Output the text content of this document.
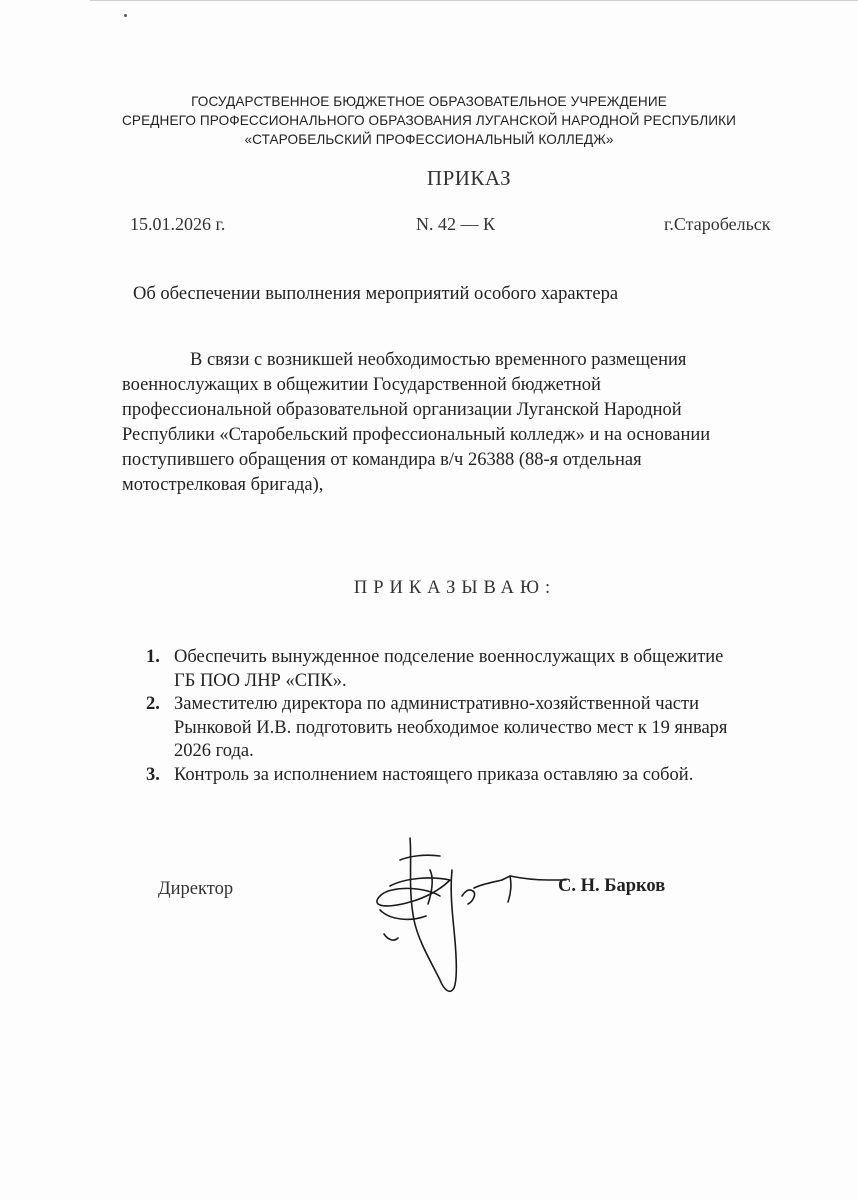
ГОСУДАРСТВЕННОЕ БЮДЖЕТНОЕ ОБРАЗОВАТЕЛЬНОЕ УЧРЕЖДЕНИЕ
СРЕДНЕГО ПРОФЕССИОНАЛЬНОГО ОБРАЗОВАНИЯ ЛУГАНСКОЙ НАРОДНОЙ РЕСПУБЛИКИ
«СТАРОБЕЛЬСКИЙ ПРОФЕССИОНАЛЬНЫЙ КОЛЛЕДЖ»
ПРИКАЗ
15.01.2026 г.	N. 42 — К	г.Старобельск
Об обеспечении выполнения мероприятий особого характера
В связи с возникшей необходимостью временного размещения
военнослужащих в общежитии Государственной бюджетной
профессиональной образовательной организации Луганской Народной
Республики «Старобельский профессиональный колледж» и на основании
поступившего обращения от командира в/ч 26388 (88-я отдельная
мотострелковая бригада),
ПРИКАЗЫВАЮ:
1. Обеспечить вынужденное подселение военнослужащих в общежитие
ГБ ПОО ЛНР «СПК».
2. Заместителю директора по административно-хозяйственной части
Рынковой И.В. подготовить необходимое количество мест к 19 января
2026 года.
3. Контроль за исполнением настоящего приказа оставляю за собой.
Директор	С. Н. Барков
